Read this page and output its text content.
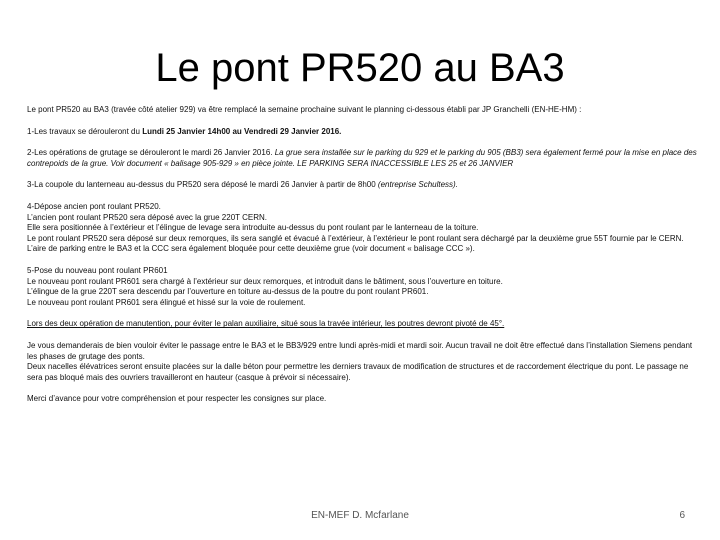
Le pont PR520 au BA3

Le pont PR520 au BA3 (travée côté atelier 929) va être remplacé la semaine prochaine suivant le planning ci-dessous établi par JP Granchelli (EN-HE-HM) :

1-Les travaux se dérouleront du Lundi 25 Janvier 14h00 au Vendredi 29 Janvier 2016.

2-Les opérations de grutage se dérouleront le mardi 26 Janvier 2016. La grue sera installée sur le parking du 929 et le parking du 905 (BB3) sera également fermé pour la mise en place des contrepoids de la grue. Voir document « balisage 905-929 » en pièce jointe. LE PARKING SERA INACCESSIBLE LES 25 et 26 JANVIER

3-La coupole du lanterneau au-dessus du PR520 sera déposé le mardi 26 Janvier à partir de 8h00 (entreprise Schultess).

4-Dépose ancien pont roulant PR520.
L’ancien pont roulant PR520 sera déposé avec la grue 220T CERN.
Elle sera positionnée à l’extérieur et l’élingue de levage sera introduite au-dessus du pont roulant par le lanterneau de la toiture.
Le pont roulant PR520 sera déposé sur deux remorques, ils sera sanglé et évacué à l’extérieur, à l’extérieur le pont roulant sera déchargé par la deuxième grue 55T fournie par le CERN. L’aire de parking entre le BA3 et la CCC sera également bloquée pour cette deuxième grue (voir document « balisage CCC »).

5-Pose du nouveau pont roulant PR601
Le nouveau pont roulant PR601 sera chargé à l’extérieur sur deux remorques, et introduit dans le bâtiment, sous l’ouverture en toiture.
L’élingue de la grue 220T sera descendu par l’ouverture en toiture au-dessus de la poutre du pont roulant PR601.
Le nouveau pont roulant PR601 sera élingué et hissé sur la voie de roulement.

Lors des deux opération de manutention, pour éviter le palan auxiliaire, situé sous la travée intérieur, les poutres devront pivoté de 45°.

Je vous demanderais de bien vouloir éviter le passage entre le BA3 et le BB3/929 entre lundi après-midi et mardi soir. Aucun travail ne doit être effectué dans l’installation Siemens pendant les phases de grutage des ponts.
Deux nacelles élévatrices seront ensuite placées sur la dalle béton pour permettre les derniers travaux de modification de structures et de raccordement électrique du pont. Le passage ne sera pas bloqué mais des ouvriers travailleront en hauteur (casque à prévoir si nécessaire).

Merci d’avance pour votre compréhension et pour respecter les consignes sur place.

EN-MEF D. Mcfarlane	6
